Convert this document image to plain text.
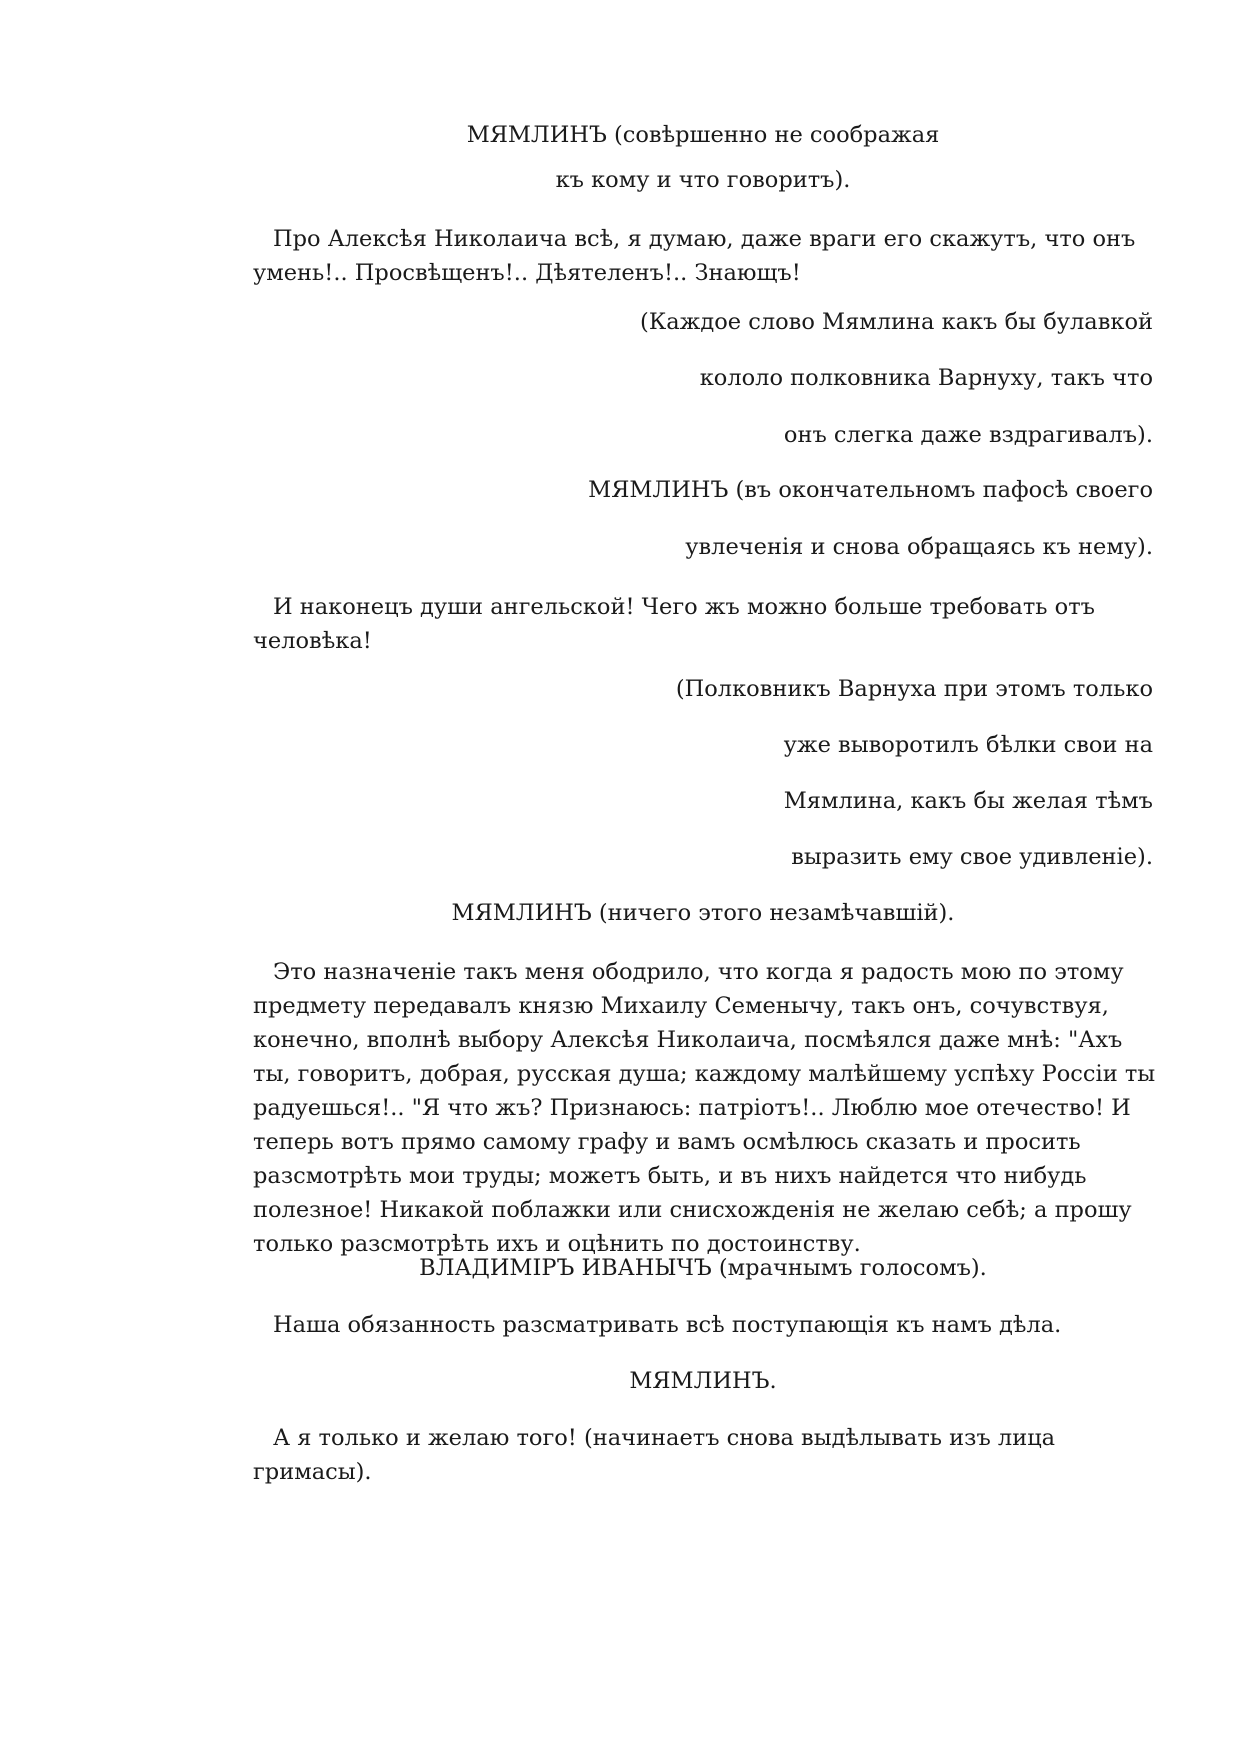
МЯМЛИНЪ (совѣршенно не соображая
къ кому и что говоритъ).
Про Алексѣя Николаича всѣ, я думаю, даже враги его скажутъ, что онъ умень!.. Просвѣщенъ!.. Дѣятеленъ!.. Знающъ!
(Каждое слово Мямлина какъ бы булавкой
кололо полковника Варнуху, такъ что
онъ слегка даже вздрагивалъ).
МЯМЛИНЪ (въ окончательномъ пафосѣ своего
увлеченія и снова обращаясь къ нему).
И наконецъ души ангельской! Чего жъ можно больше требовать отъ человѣка!
(Полковникъ Варнуха при этомъ только
уже выворотилъ бѣлки свои на
Мямлина, какъ бы желая тѣмъ
выразить ему свое удивленіе).
МЯМЛИНЪ (ничего этого незамѣчавшій).
Это назначеніе такъ меня ободрило, что когда я радость мою по этому предмету передавалъ князю Михаилу Семенычу, такъ онъ, сочувствуя, конечно, вполнѣ выбору Алексѣя Николаича, посмѣялся даже мнѣ: "Ахъ ты, говоритъ, добрая, русская душа; каждому малѣйшему успѣху Россіи ты радуешься!.. "Я что жъ? Признаюсь: патріотъ!.. Люблю мое отечество! И теперь вотъ прямо самому графу и вамъ осмѣлюсь сказать и просить разсмотрѣть мои труды; можетъ быть, и въ нихъ найдется что нибудь полезное! Никакой поблажки или снисхожденія не желаю себѣ; а прошу только разсмотрѣть ихъ и оцѣнить по достоинству.
ВЛАДИМІРЪ ИВАНЫЧЪ (мрачнымъ голосомъ).
Наша обязанность разсматривать всѣ поступающія къ намъ дѣла.
МЯМЛИНЪ.
А я только и желаю того! (начинаетъ снова выдѣлывать изъ лица гримасы).
